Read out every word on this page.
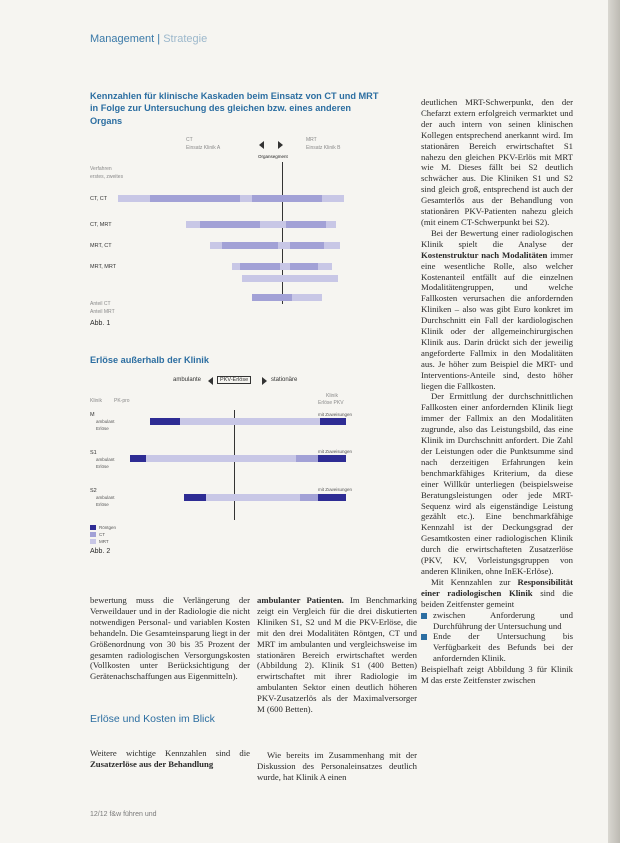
Management | Strategie
Kennzahlen für klinische Kaskaden beim Einsatz von CT und MRT in Folge zur Untersuchung des gleichen bzw. eines anderen Organs
CT
Einsatz Klinik A
MRT
Einsatz Klinik B
Organsegment
Verfahren
erstes, zweites
CT, CT
CT, MRT
MRT, CT
MRT, MRT
Anteil CT
Anteil MRT
Abb. 1
Erlöse außerhalb der Klinik
ambulante	PKV-Erlöse	stationäre
Klinik PK-pro
Klinik
Erlöse PKV
M
ambulant
Erlöse
mit Zuweisungen
S1
ambulant
Erlöse
mit Zuweisungen
S2
ambulant
Erlöse
mit Zuweisungen
Röntgen
CT
MRT
Abb. 2

bewertung muss die Verlängerung der Verweildauer und in der Radiologie die nicht notwendigen Personal- und variablen Kosten behandeln. Die Gesamteinsparung liegt in der Größenordnung von 30 bis 35 Prozent der gesamten radiologischen Versorgungskosten (Vollkosten unter Berücksichtigung der Gerätenachschaffungen aus Eigenmitteln).

Erlöse und Kosten im Blick

Weitere wichtige Kennzahlen sind die Zusatzerlöse aus der Behandlung

ambulanter Patienten. Im Benchmarking zeigt ein Vergleich für die drei diskutierten Kliniken S1, S2 und M die PKV-Erlöse, die mit den drei Modalitäten Röntgen, CT und MRT im ambulanten und vergleichsweise im stationären Bereich erwirtschaftet werden (Abbildung 2). Klinik S1 (400 Betten) erwirtschaftet mit ihrer Radiologie im ambulanten Sektor einen deutlich höheren PKV-Zusatzerlös als der Maximalversorger M (600 Betten).

Wie bereits im Zusammenhang mit der Diskussion des Personaleinsatzes deutlich wurde, hat Klinik A einen

deutlichen MRT-Schwerpunkt, den der Chefarzt extern erfolgreich vermarktet und der auch intern von seinen klinischen Kollegen entsprechend anerkannt wird. Im stationären Bereich erwirtschaftet S1 nahezu den gleichen PKV-Erlös mit MRT wie M. Dieses fällt bei S2 deutlich schwächer aus. Die Kliniken S1 und S2 sind gleich groß, entsprechend ist auch der Gesamterlös aus der Behandlung von stationären PKV-Patienten nahezu gleich (mit einem CT-Schwerpunkt bei S2).

Bei der Bewertung einer radiologischen Klinik spielt die Analyse der Kostenstruktur nach Modalitäten immer eine wesentliche Rolle, also welcher Kostenanteil entfällt auf die einzelnen Modalitätengruppen, und welche Fallkosten verursachen die anfordernden Kliniken – also was gibt Euro konkret im Durchschnitt ein Fall der kardiologischen Klinik oder der allgemeinchirurgischen Klinik aus. Darin drückt sich der jeweilig angeforderte Fallmix in den Modalitäten aus. Je höher zum Beispiel die MRT- und Interventions-Anteile sind, desto höher liegen die Fallkosten.

Der Ermittlung der durchschnittlichen Fallkosten einer anfordernden Klinik liegt immer der Fallmix an den Modalitäten zugrunde, also das Leistungsbild, das eine Klinik im Durchschnitt anfordert. Die Zahl der Leistungen oder die Punktsumme sind nach derzeitigen Erfahrungen kein benchmarkfähiges Kriterium, da diese einer Willkür unterliegen (beispielsweise Beratungsleistungen oder jede MRT-Sequenz wird als eigenständige Leistung gezählt etc.). Eine benchmarkfähige Kennzahl ist der Deckungsgrad der Gesamtkosten einer radiologischen Klinik durch die erwirtschafteten Zusatzerlöse (PKV, KV, Vorleistungsgruppen von anderen Kliniken, ohne InEK-Erlöse).

Mit Kennzahlen zur Responsibilität einer radiologischen Klinik sind die beiden Zeitfenster gemeint

zwischen Anforderung und Durchführung der Untersuchung und

Ende der Untersuchung bis Verfügbarkeit des Befunds bei der anfordernden Klinik.

Beispielhaft zeigt Abbildung 3 für Klinik M das erste Zeitfenster zwischen

12/12 f&w führen und
